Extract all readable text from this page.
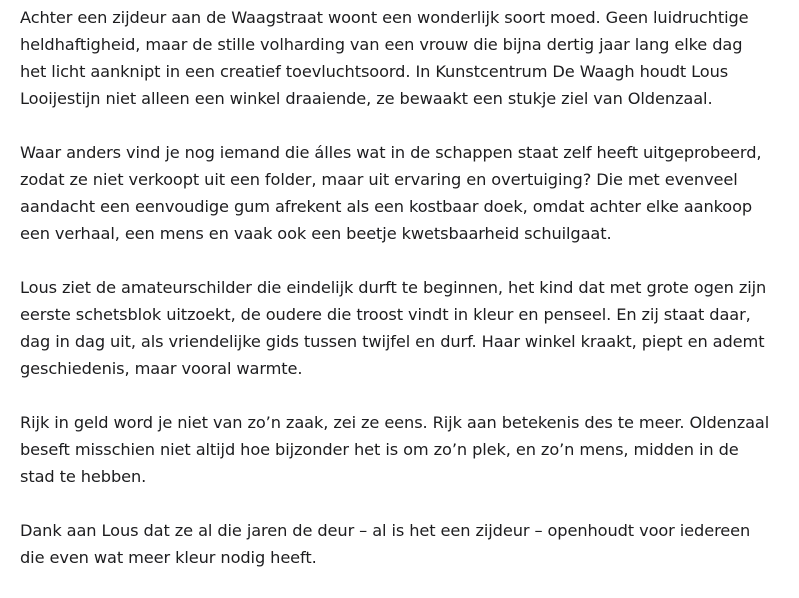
Achter een zijdeur aan de Waagstraat woont een wonderlijk soort moed. Geen luidruchtige
heldhaftigheid, maar de stille volharding van een vrouw die bijna dertig jaar lang elke dag
het licht aanknipt in een creatief toevluchtsoord. In Kunstcentrum De Waagh houdt Lous
Looijestijn niet alleen een winkel draaiende, ze bewaakt een stukje ziel van Oldenzaal.

Waar anders vind je nog iemand die álles wat in de schappen staat zelf heeft uitgeprobeerd,
zodat ze niet verkoopt uit een folder, maar uit ervaring en overtuiging? Die met evenveel
aandacht een eenvoudige gum afrekent als een kostbaar doek, omdat achter elke aankoop
een verhaal, een mens en vaak ook een beetje kwetsbaarheid schuilgaat.

Lous ziet de amateurschilder die eindelijk durft te beginnen, het kind dat met grote ogen zijn
eerste schetsblok uitzoekt, de oudere die troost vindt in kleur en penseel. En zij staat daar,
dag in dag uit, als vriendelijke gids tussen twijfel en durf. Haar winkel kraakt, piept en ademt
geschiedenis, maar vooral warmte.

Rijk in geld word je niet van zo’n zaak, zei ze eens. Rijk aan betekenis des te meer. Oldenzaal
beseft misschien niet altijd hoe bijzonder het is om zo’n plek, en zo’n mens, midden in de
stad te hebben.

Dank aan Lous dat ze al die jaren de deur – al is het een zijdeur – openhoudt voor iedereen
die even wat meer kleur nodig heeft.
